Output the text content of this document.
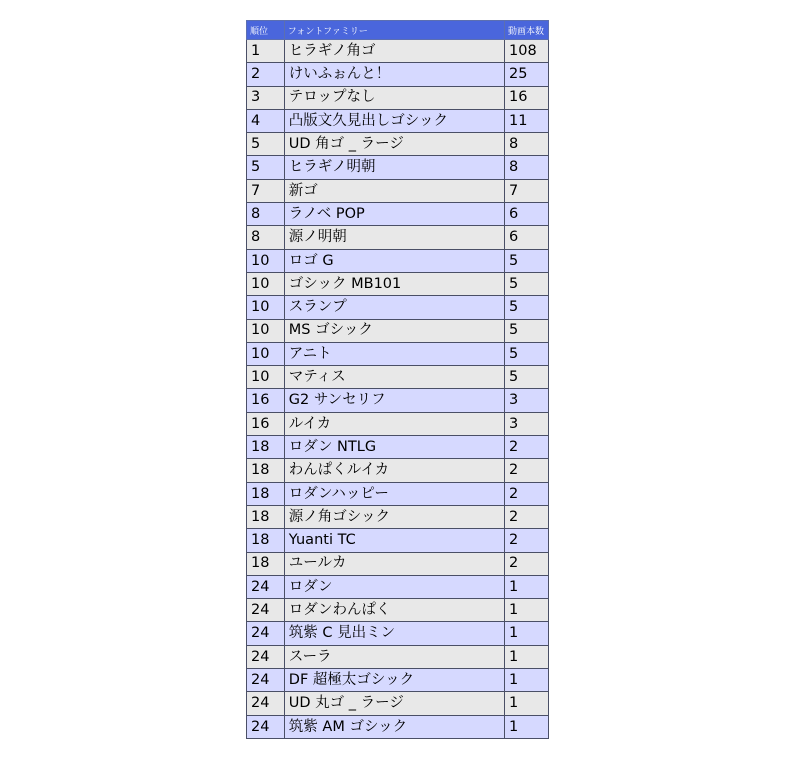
順位	フォントファミリー	動画本数
1	ヒラギノ角ゴ	108
2	けいふぉんと！	25
3	テロップなし	16
4	凸版文久見出しゴシック	11
5	UD 角ゴ _ ラージ	8
5	ヒラギノ明朝	8
7	新ゴ	7
8	ラノベ POP	6
8	源ノ明朝	6
10	ロゴ G	5
10	ゴシック MB101	5
10	スランプ	5
10	MS ゴシック	5
10	アニト	5
10	マティス	5
16	G2 サンセリフ	3
16	ルイカ	3
18	ロダン NTLG	2
18	わんぱくルイカ	2
18	ロダンハッピー	2
18	源ノ角ゴシック	2
18	Yuanti TC	2
18	ユールカ	2
24	ロダン	1
24	ロダンわんぱく	1
24	筑紫 C 見出ミン	1
24	スーラ	1
24	DF 超極太ゴシック	1
24	UD 丸ゴ _ ラージ	1
24	筑紫 AM ゴシック	1
